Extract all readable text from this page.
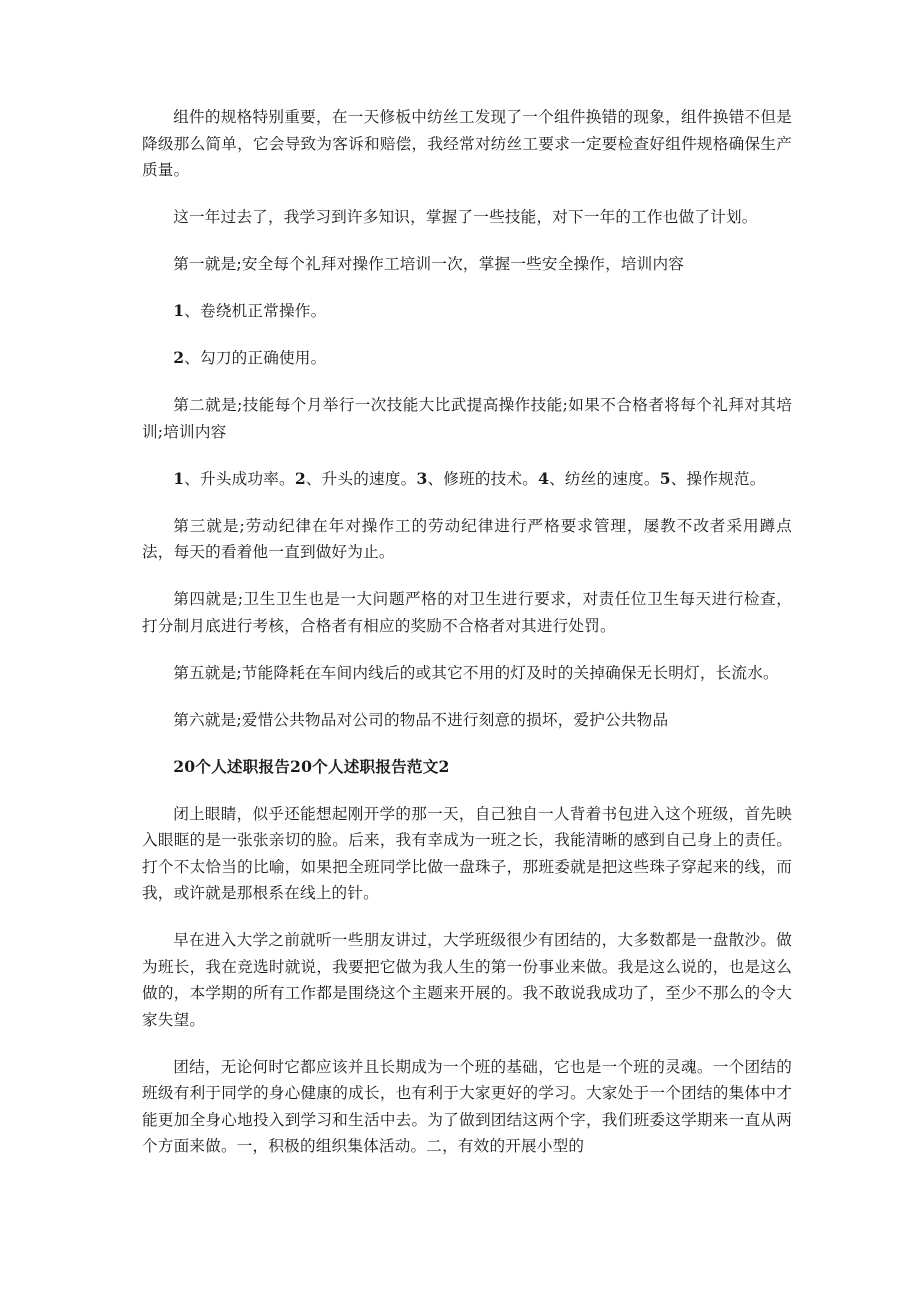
组件的规格特别重要，在一天修板中纺丝工发现了一个组件换错的现象，组件换错不但是降级那么简单，它会导致为客诉和赔偿，我经常对纺丝工要求一定要检查好组件规格确保生产质量。

这一年过去了，我学习到许多知识，掌握了一些技能，对下一年的工作也做了计划。

第一就是;安全每个礼拜对操作工培训一次，掌握一些安全操作，培训内容

1、卷绕机正常操作。

2、勾刀的正确使用。

第二就是;技能每个月举行一次技能大比武提高操作技能;如果不合格者将每个礼拜对其培训;培训内容

1、升头成功率。2、升头的速度。3、修班的技术。4、纺丝的速度。5、操作规范。

第三就是;劳动纪律在年对操作工的劳动纪律进行严格要求管理，屡教不改者采用蹲点法，每天的看着他一直到做好为止。

第四就是;卫生卫生也是一大问题严格的对卫生进行要求，对责任位卫生每天进行检查，打分制月底进行考核，合格者有相应的奖励不合格者对其进行处罚。

第五就是;节能降耗在车间内线后的或其它不用的灯及时的关掉确保无长明灯，长流水。

第六就是;爱惜公共物品对公司的物品不进行刻意的损坏，爱护公共物品

20个人述职报告20个人述职报告范文2

闭上眼睛，似乎还能想起刚开学的那一天，自己独自一人背着书包进入这个班级，首先映入眼眶的是一张张亲切的脸。后来，我有幸成为一班之长，我能清晰的感到自己身上的责任。打个不太恰当的比喻，如果把全班同学比做一盘珠子，那班委就是把这些珠子穿起来的线，而我，或许就是那根系在线上的针。

早在进入大学之前就听一些朋友讲过，大学班级很少有团结的，大多数都是一盘散沙。做为班长，我在竞选时就说，我要把它做为我人生的第一份事业来做。我是这么说的，也是这么做的，本学期的所有工作都是围绕这个主题来开展的。我不敢说我成功了，至少不那么的令大家失望。

团结，无论何时它都应该并且长期成为一个班的基础，它也是一个班的灵魂。一个团结的班级有利于同学的身心健康的成长，也有利于大家更好的学习。大家处于一个团结的集体中才能更加全身心地投入到学习和生活中去。为了做到团结这两个字，我们班委这学期来一直从两个方面来做。一，积极的组织集体活动。二，有效的开展小型的
